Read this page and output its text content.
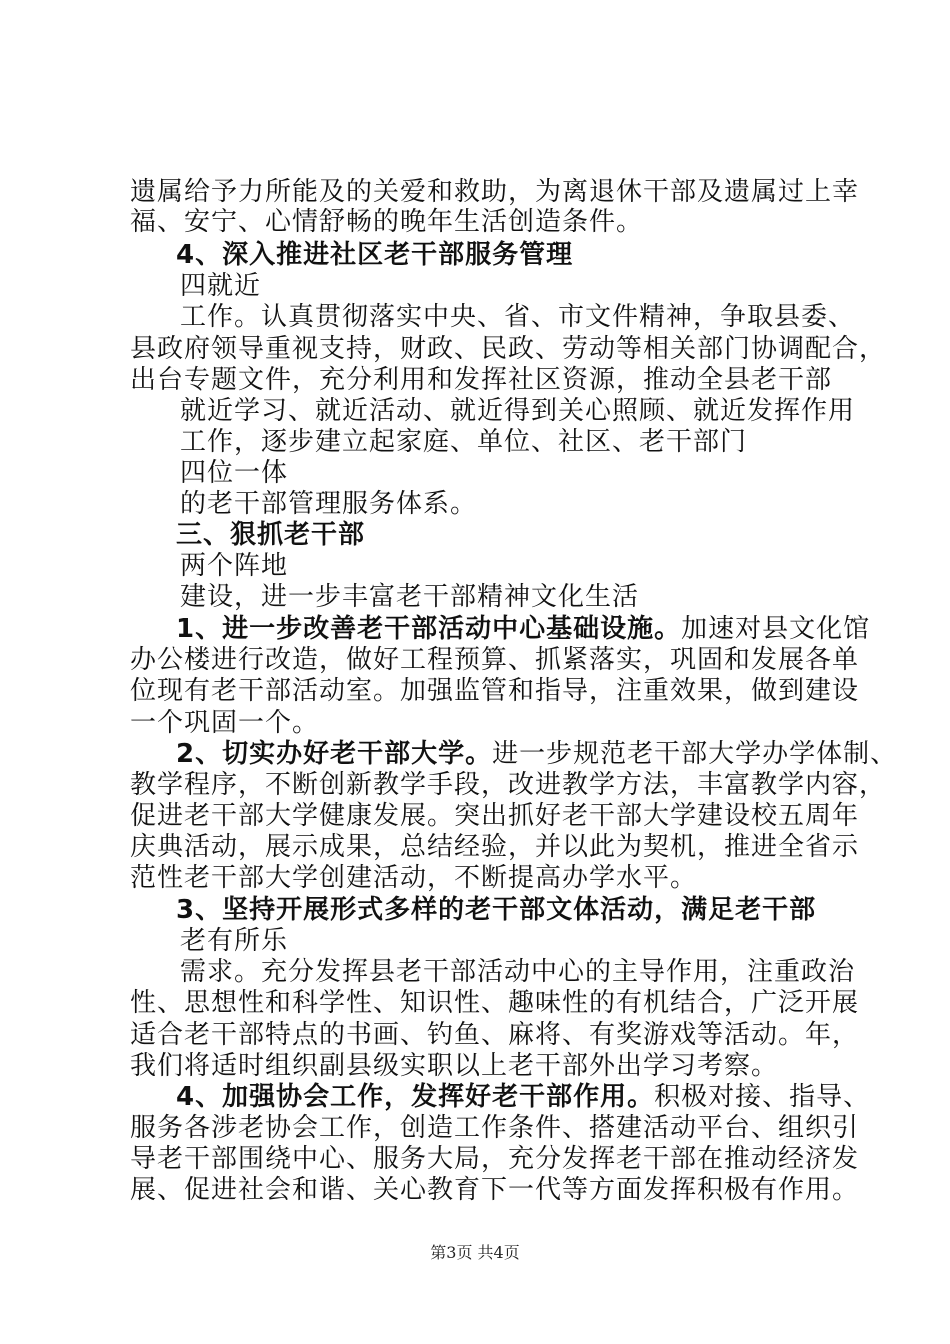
遗属给予力所能及的关爱和救助，为离退休干部及遗属过上幸
福、安宁、心情舒畅的晚年生活创造条件。
4、深入推进社区老干部服务管理
四就近
工作。认真贯彻落实中央、省、市文件精神，争取县委、
县政府领导重视支持，财政、民政、劳动等相关部门协调配合，
出台专题文件，充分利用和发挥社区资源，推动全县老干部
就近学习、就近活动、就近得到关心照顾、就近发挥作用
工作，逐步建立起家庭、单位、社区、老干部门
四位一体
的老干部管理服务体系。
三、狠抓老干部
两个阵地
建设，进一步丰富老干部精神文化生活
1、进一步改善老干部活动中心基础设施。加速对县文化馆
办公楼进行改造，做好工程预算、抓紧落实，巩固和发展各单
位现有老干部活动室。加强监管和指导，注重效果，做到建设
一个巩固一个。
2、切实办好老干部大学。进一步规范老干部大学办学体制、
教学程序，不断创新教学手段，改进教学方法，丰富教学内容，
促进老干部大学健康发展。突出抓好老干部大学建设校五周年
庆典活动，展示成果，总结经验，并以此为契机，推进全省示
范性老干部大学创建活动，不断提高办学水平。
3、坚持开展形式多样的老干部文体活动，满足老干部
老有所乐
需求。充分发挥县老干部活动中心的主导作用，注重政治
性、思想性和科学性、知识性、趣味性的有机结合，广泛开展
适合老干部特点的书画、钓鱼、麻将、有奖游戏等活动。年，
我们将适时组织副县级实职以上老干部外出学习考察。
4、加强协会工作，发挥好老干部作用。积极对接、指导、
服务各涉老协会工作，创造工作条件、搭建活动平台、组织引
导老干部围绕中心、服务大局，充分发挥老干部在推动经济发
展、促进社会和谐、关心教育下一代等方面发挥积极有作用。
第3页 共4页
